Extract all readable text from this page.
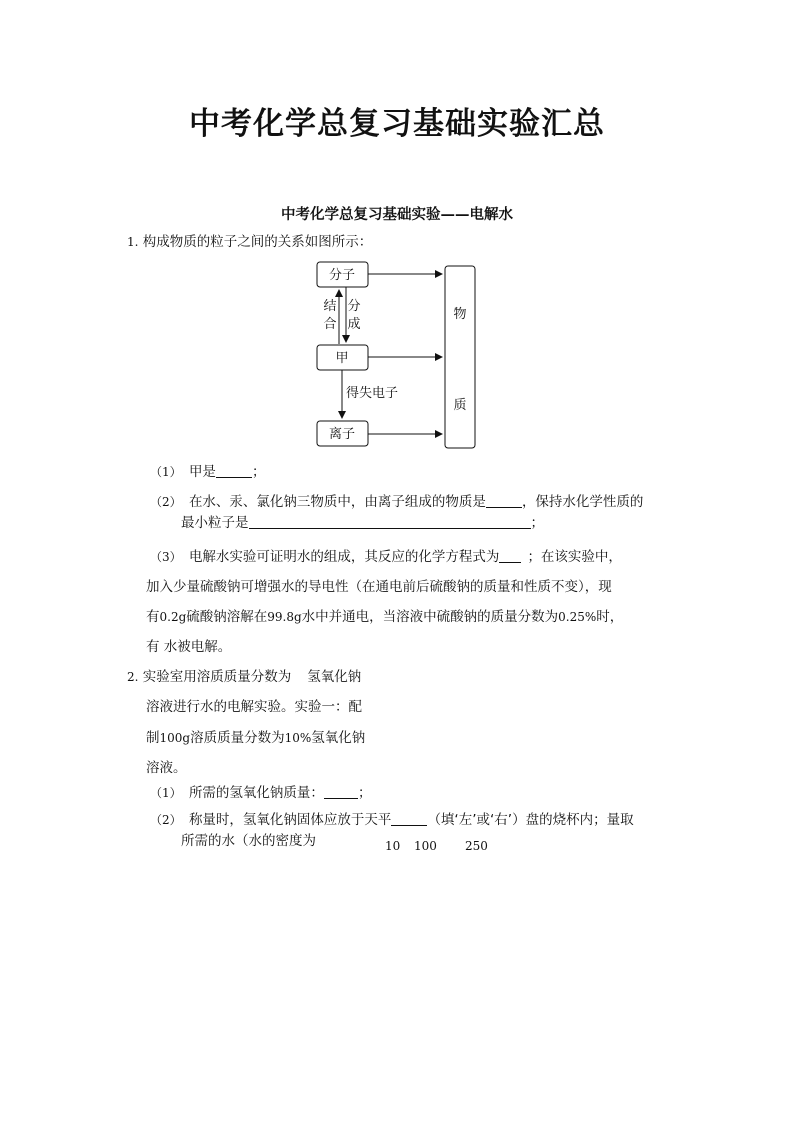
中考化学总复习基础实验汇总
中考化学总复习基础实验——电解水
1. 构成物质的粒子之间的关系如图所示：
分子
甲
离子
结
合
分
成
得失电子
物
质
（1） 甲是	；
（2） 在水、汞、氯化钠三物质中，由离子组成的物质是	，保持水化学性质的
最小粒子是	；
（3） 电解水实验可证明水的组成，其反应的化学方程式为 ；在该实验中，
加入少量硫酸钠可增强水的导电性（在通电前后硫酸钠的质量和性质不变），现
有0.2g硫酸钠溶解在99.8g水中并通电，当溶液中硫酸钠的质量分数为0.25%时，
有 水被电解。
2. 实验室用溶质质量分数为 氢氧化钠
溶液进行水的电解实验。实验一：配
制100g溶质质量分数为10%氢氧化钠
溶液。
（1） 所需的氢氧化钠质量：	；
（2） 称量时，氢氧化钠固体应放于天平	（填‘左’或‘右’）盘的烧杯内；量取
所需的水（水的密度为	10 100 250
